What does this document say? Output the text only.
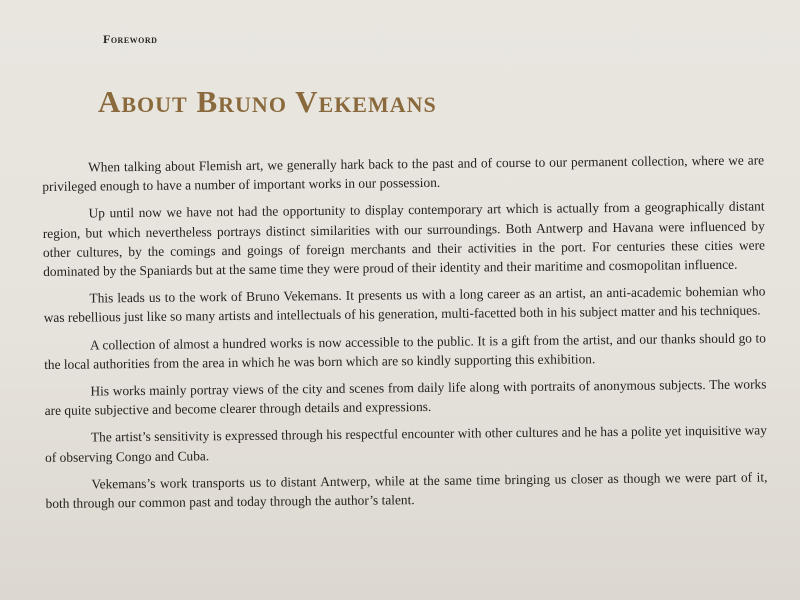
Foreword
About Bruno Vekemans

When talking about Flemish art, we generally hark back to the past and of course to our permanent collection, where we are privileged enough to have a number of important works in our possession.

Up until now we have not had the opportunity to display contemporary art which is actually from a geographically distant region, but which nevertheless portrays distinct similarities with our surroundings. Both Antwerp and Havana were influenced by other cultures, by the comings and goings of foreign merchants and their activities in the port. For centuries these cities were dominated by the Spaniards but at the same time they were proud of their identity and their maritime and cosmopolitan influence.

This leads us to the work of Bruno Vekemans. It presents us with a long career as an artist, an anti-academic bohemian who was rebellious just like so many artists and intellectuals of his generation, multi-facetted both in his subject matter and his techniques.

A collection of almost a hundred works is now accessible to the public. It is a gift from the artist, and our thanks should go to the local authorities from the area in which he was born which are so kindly supporting this exhibition.

His works mainly portray views of the city and scenes from daily life along with portraits of anonymous subjects. The works are quite subjective and become clearer through details and expressions.

The artist’s sensitivity is expressed through his respectful encounter with other cultures and he has a polite yet inquisitive way of observing Congo and Cuba.

Vekemans’s work transports us to distant Antwerp, while at the same time bringing us closer as though we were part of it, both through our common past and today through the author’s talent.
